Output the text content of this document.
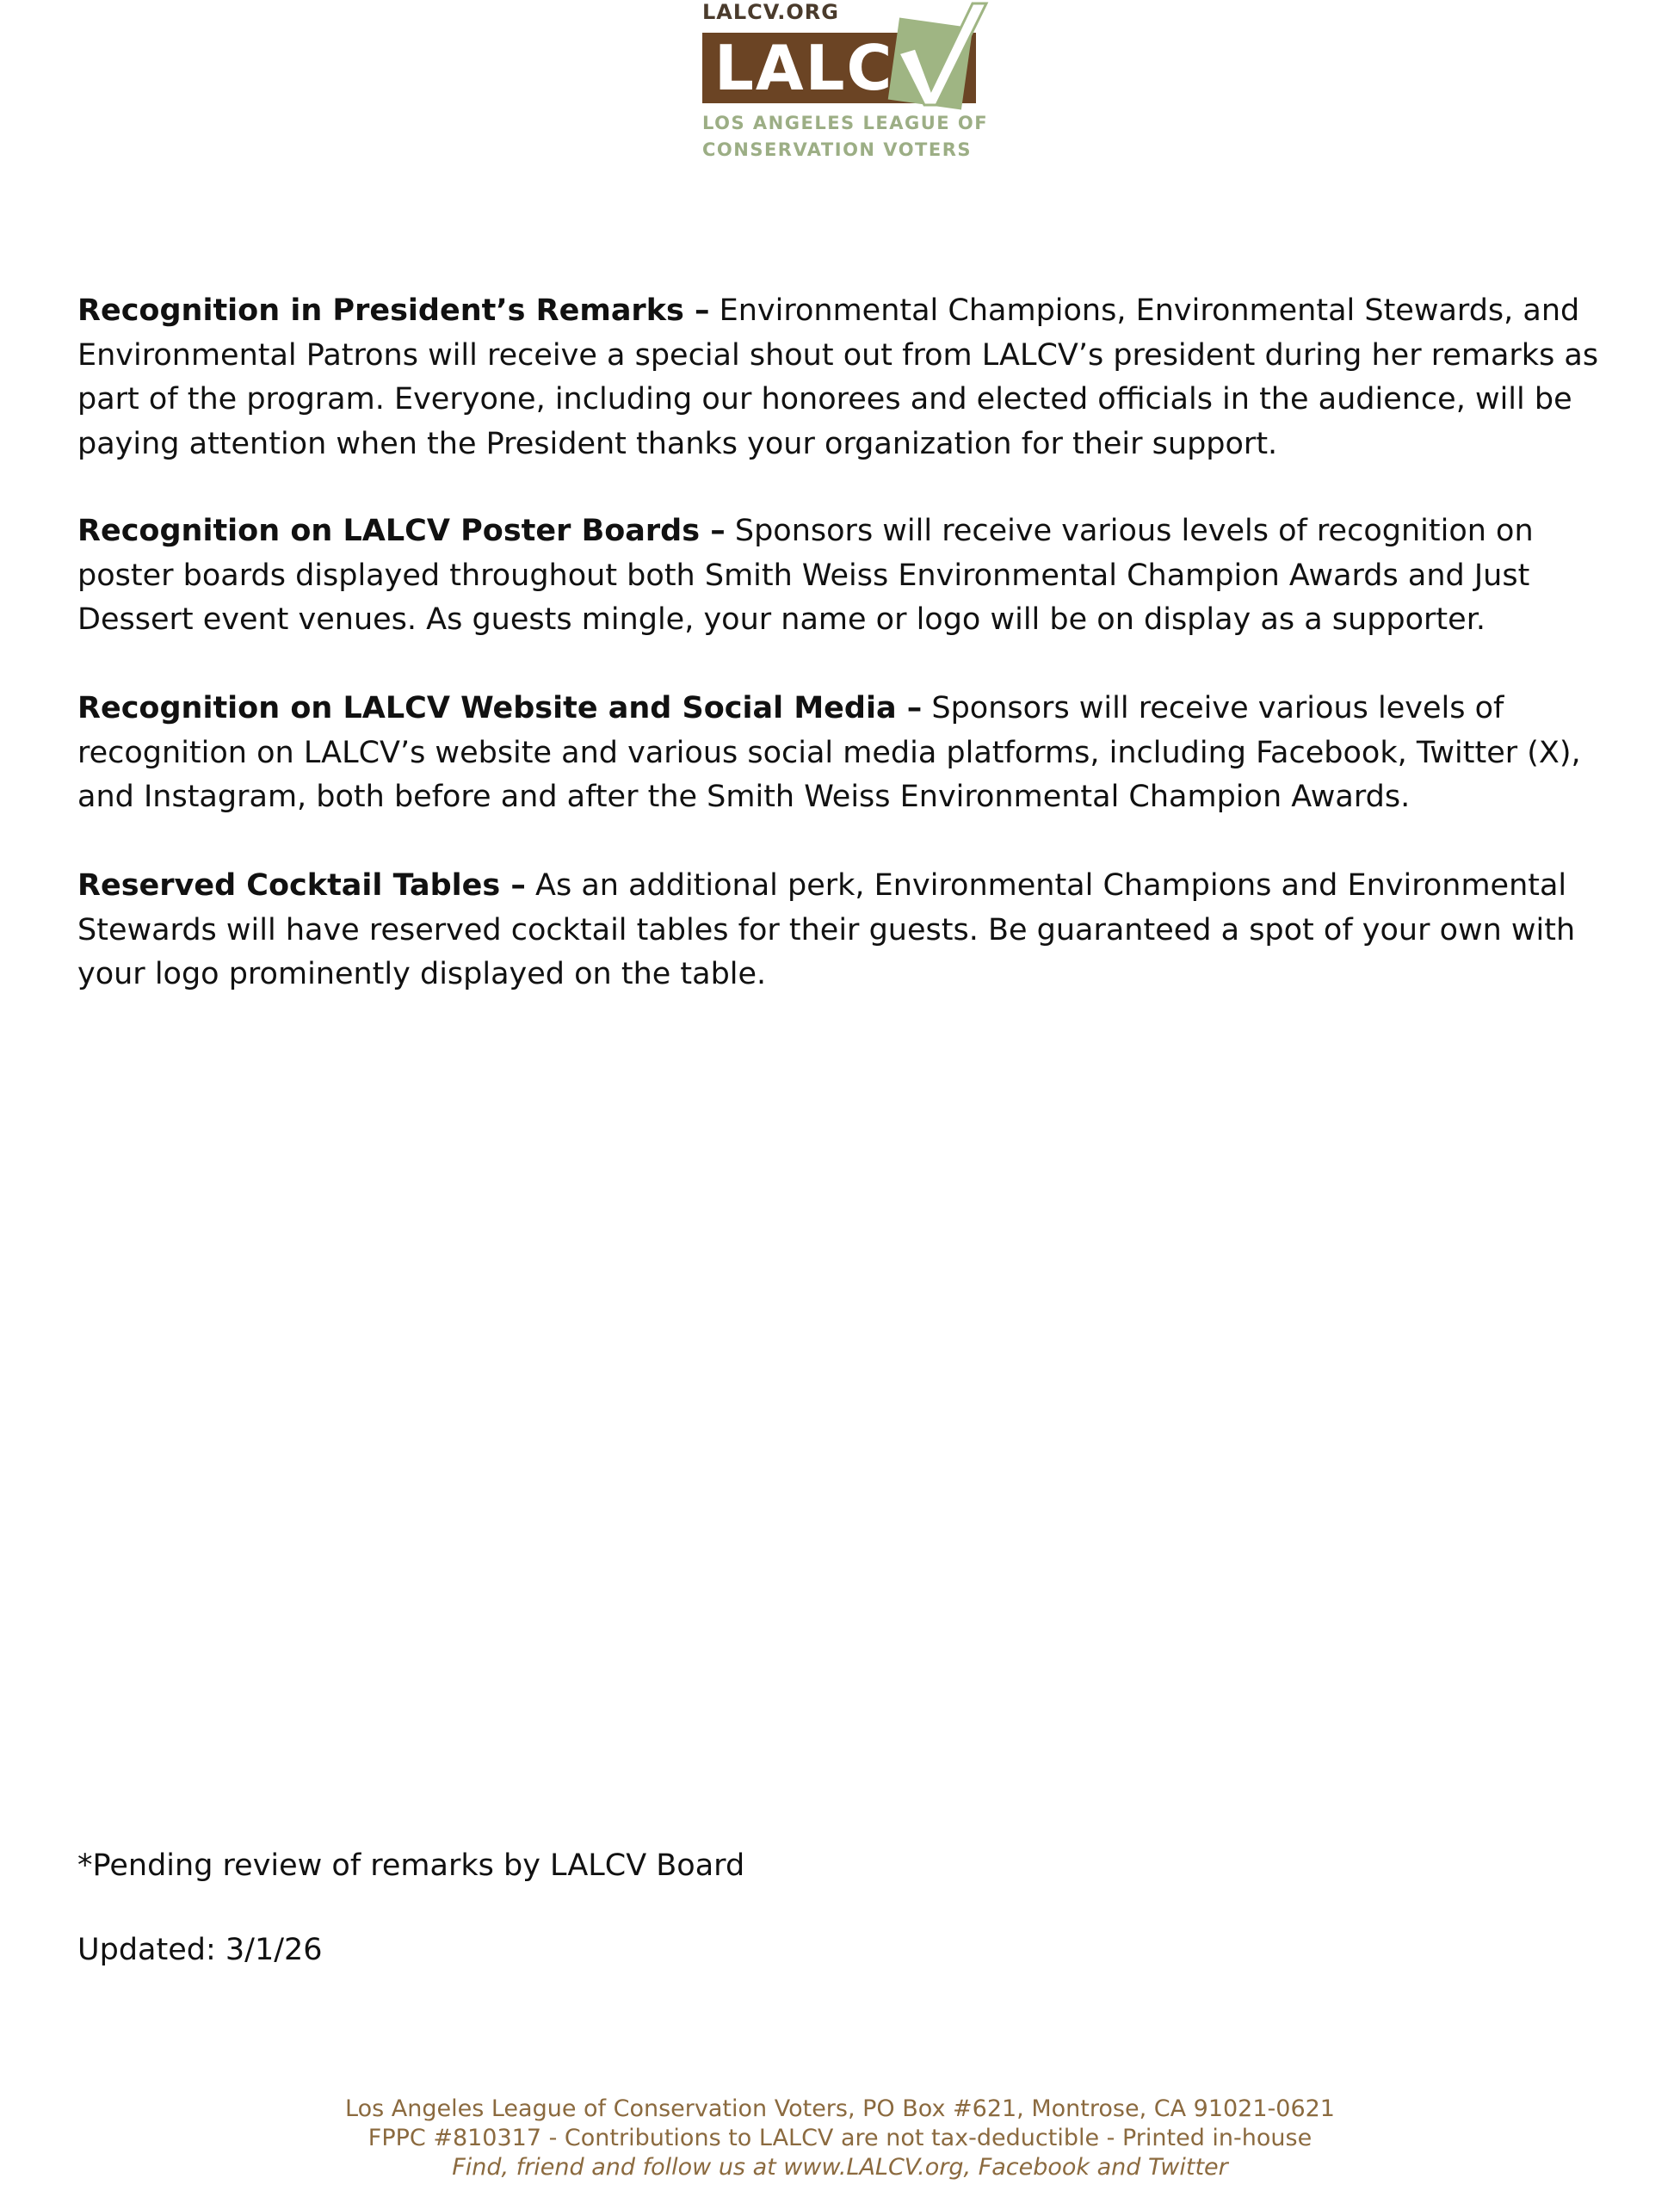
LALCV.ORG
LALC
LOS ANGELES LEAGUE OF
CONSERVATION VOTERS
Recognition in President’s Remarks – Environmental Champions, Environmental Stewards, and Environmental Patrons will receive a special shout out from LALCV’s president during her remarks as part of the program. Everyone, including our honorees and elected officials in the audience, will be paying attention when the President thanks your organization for their support.
Recognition on LALCV Poster Boards – Sponsors will receive various levels of recognition on poster boards displayed throughout both Smith Weiss Environmental Champion Awards and Just Dessert event venues. As guests mingle, your name or logo will be on display as a supporter.
Recognition on LALCV Website and Social Media – Sponsors will receive various levels of recognition on LALCV’s website and various social media platforms, including Facebook, Twitter (X), and Instagram, both before and after the Smith Weiss Environmental Champion Awards.
Reserved Cocktail Tables – As an additional perk, Environmental Champions and Environmental Stewards will have reserved cocktail tables for their guests. Be guaranteed a spot of your own with your logo prominently displayed on the table.
*Pending review of remarks by LALCV Board
Updated: 3/1/26
Los Angeles League of Conservation Voters, PO Box #621, Montrose, CA 91021-0621
FPPC #810317 - Contributions to LALCV are not tax-deductible - Printed in-house
Find, friend and follow us at www.LALCV.org, Facebook and Twitter
